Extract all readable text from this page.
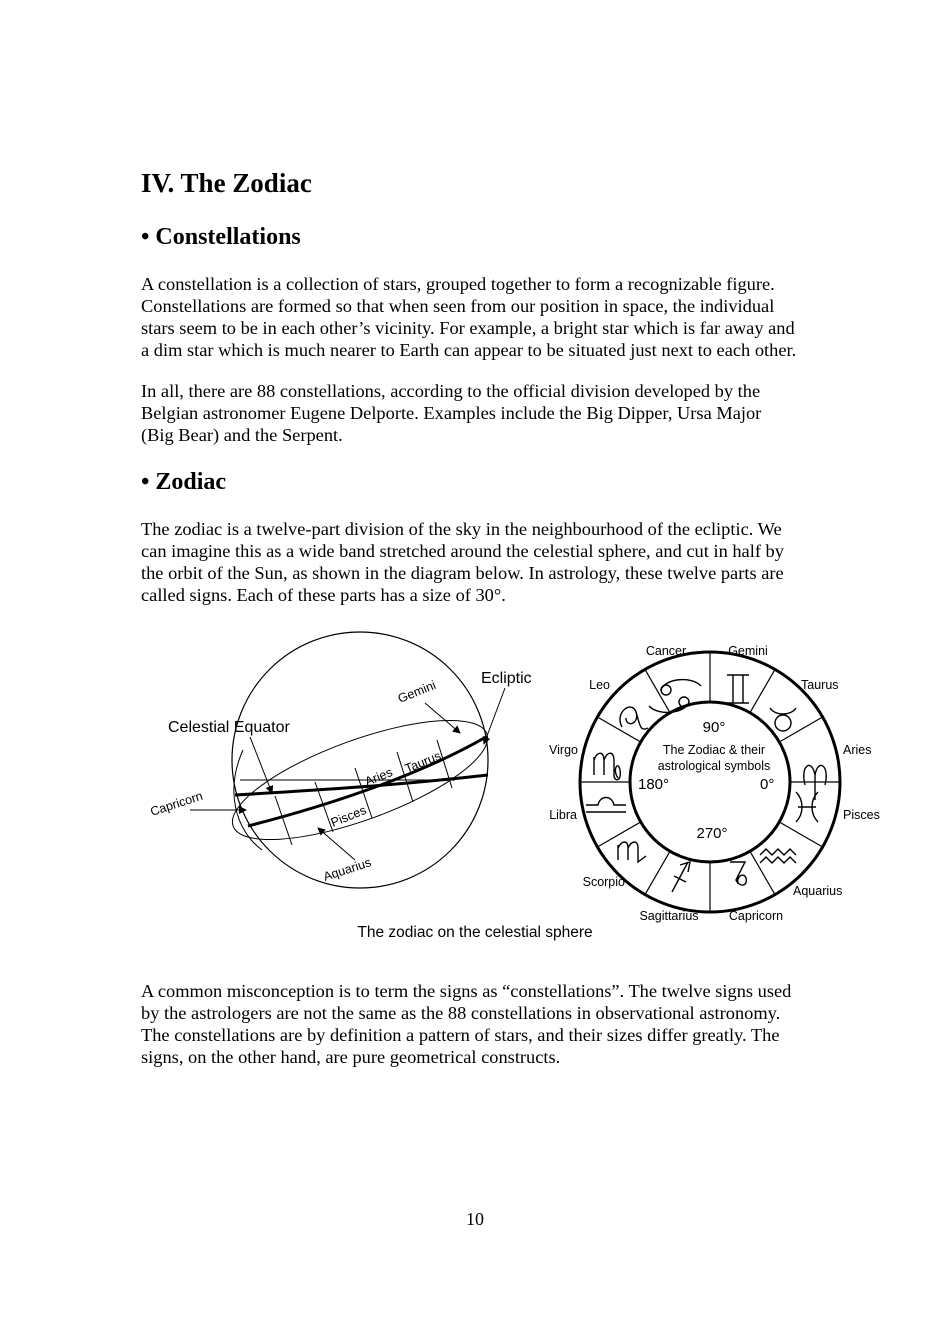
IV. The Zodiac
• Constellations

A constellation is a collection of stars, grouped together to form a recognizable figure.
Constellations are formed so that when seen from our position in space, the individual
stars seem to be in each other’s vicinity. For example, a bright star which is far away and
a dim star which is much nearer to Earth can appear to be situated just next to each other.

In all, there are 88 constellations, according to the official division developed by the
Belgian astronomer Eugene Delporte. Examples include the Big Dipper, Ursa Major
(Big Bear) and the Serpent.

• Zodiac

The zodiac is a twelve-part division of the sky in the neighbourhood of the ecliptic. We
can imagine this as a wide band stretched around the celestial sphere, and cut in half by
the orbit of the Sun, as shown in the diagram below. In astrology, these twelve parts are
called signs. Each of these parts has a size of 30°.

Ecliptic
Celestial Equator
Gemini
Taurus
Aries
Pisces
Aquarius
Capricorn
90°
The Zodiac & their
astrological symbols
180°	0°
270°
Cancer	Gemini
Taurus
Aries
Pisces
Aquarius
Capricorn
Sagittarius
Scorpio
Libra
Virgo
Leo
The zodiac on the celestial sphere

A common misconception is to term the signs as “constellations”. The twelve signs used
by the astrologers are not the same as the 88 constellations in observational astronomy.
The constellations are by definition a pattern of stars, and their sizes differ greatly. The
signs, on the other hand, are pure geometrical constructs.

10
